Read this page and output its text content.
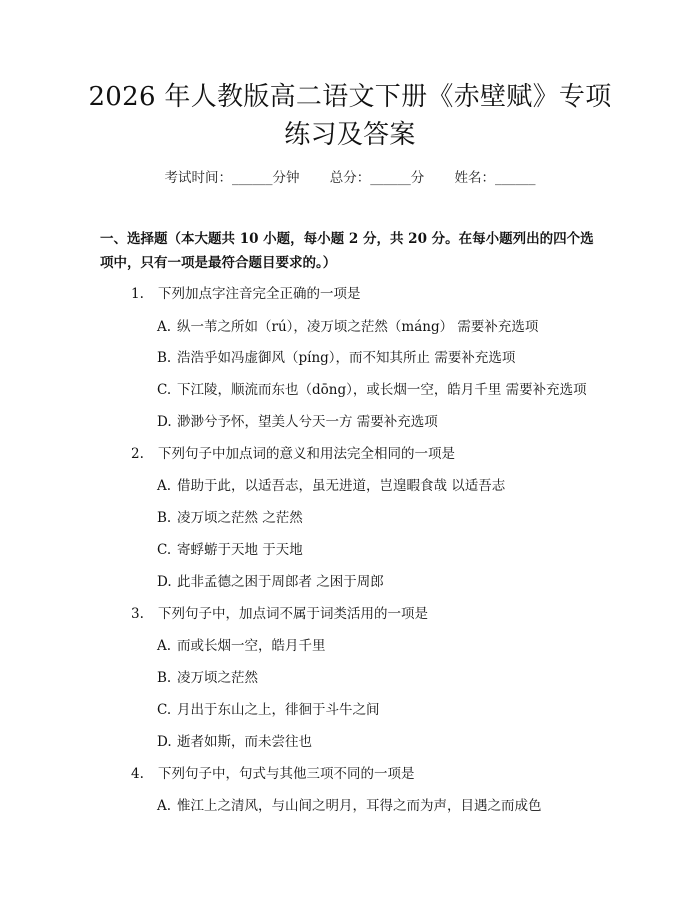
2026 年人教版高二语文下册《赤壁赋》专项
练习及答案
考试时间：______分钟 总分：______分 姓名：______
一、选择题（本大题共 10 小题，每小题 2 分，共 20 分。在每小题列出的四个选项中，只有一项是最符合题目要求的。）
1. 下列加点字注音完全正确的一项是
A. 纵一苇之所如（rú），凌万顷之茫然（máng） 需要补充选项
B. 浩浩乎如冯虚御风（píng），而不知其所止 需要补充选项
C. 下江陵，顺流而东也（dōng），或长烟一空，皓月千里 需要补充选项
D. 渺渺兮予怀，望美人兮天一方 需要补充选项
2. 下列句子中加点词的意义和用法完全相同的一项是
A. 借助于此，以适吾志，虽无进道，岂遑暇食哉 以适吾志
B. 凌万顷之茫然 之茫然
C. 寄蜉蝣于天地 于天地
D. 此非孟德之困于周郎者 之困于周郎
3. 下列句子中，加点词不属于词类活用的一项是
A. 而或长烟一空，皓月千里
B. 凌万顷之茫然
C. 月出于东山之上，徘徊于斗牛之间
D. 逝者如斯，而未尝往也
4. 下列句子中，句式与其他三项不同的一项是
A. 惟江上之清风，与山间之明月，耳得之而为声，目遇之而成色
